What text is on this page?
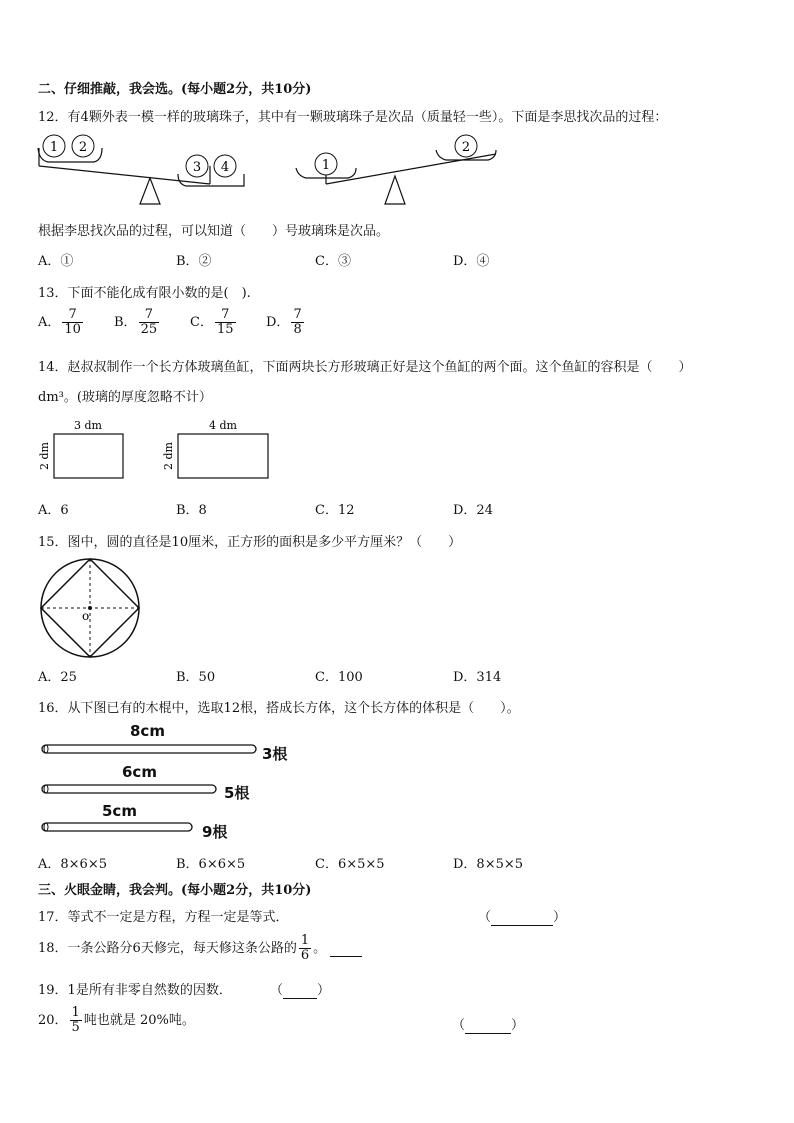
二、仔细推敲，我会选。(每小题2分，共10分)
12．有4颗外表一模一样的玻璃珠子，其中有一颗玻璃珠子是次品（质量轻一些）。下面是李思找次品的过程：
1 2
3 4	1
2
根据李思找次品的过程，可以知道（　　）号玻璃珠是次品。
A．①	B．②	C．③	D．④
13．下面不能化成有限小数的是(　).
A． $\frac{7}{10}$ B． $\frac{7}{25}$ C． $\frac{7}{15}$ D． $\frac{7}{8}$
14．赵叔叔制作一个长方体玻璃鱼缸，下面两块长方形玻璃正好是这个鱼缸的两个面。这个鱼缸的容积是（　　）
dm³。(玻璃的厚度忽略不计）
3 dm
2 dm
4 dm
2 dm
A．6	B．8	C．12	D．24
15．图中，圆的直径是10厘米，正方形的面积是多少平方厘米？（　　）
o
A．25	B．50	C．100	D．314
16．从下图已有的木棍中，选取12根，搭成长方体，这个长方体的体积是（　　）。
8cm
3根
6cm
5根
5cm
9根
A．8×6×5	B．6×6×5	C．6×5×5	D．8×5×5
三、火眼金睛，我会判。(每小题2分，共10分)
17．等式不一定是方程，方程一定是等式．	（	）
18．一条公路分6天修完，每天修这条公路的 $\frac{1}{6}$ 。
19．1是所有非零自然数的因数．	（	）
20． $\frac{1}{5}$ 吨也就是 20%吨。	（	）
